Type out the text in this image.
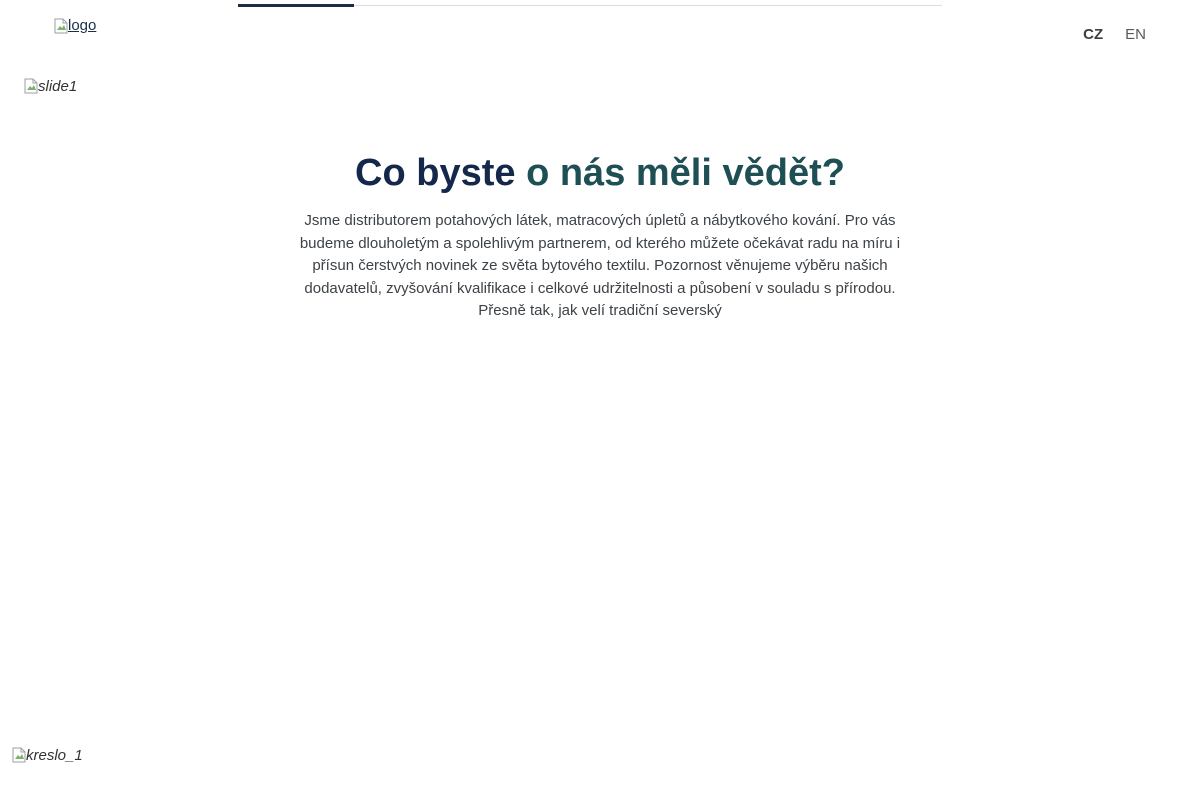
logo
CZ EN
slide1
Co byste o nás měli vědět?

Jsme distributorem potahových látek, matracových úpletů a nábytkového kování. Pro vás budeme dlouholetým a spolehlivým partnerem, od kterého můžete očekávat radu na míru i přísun čerstvých novinek ze světa bytového textilu. Pozornost věnujeme výběru našich dodavatelů, zvyšování kvalifikace i celkové udržitelnosti a působení v souladu s přírodou. Přesně tak, jak velí tradiční severský

kreslo_1
